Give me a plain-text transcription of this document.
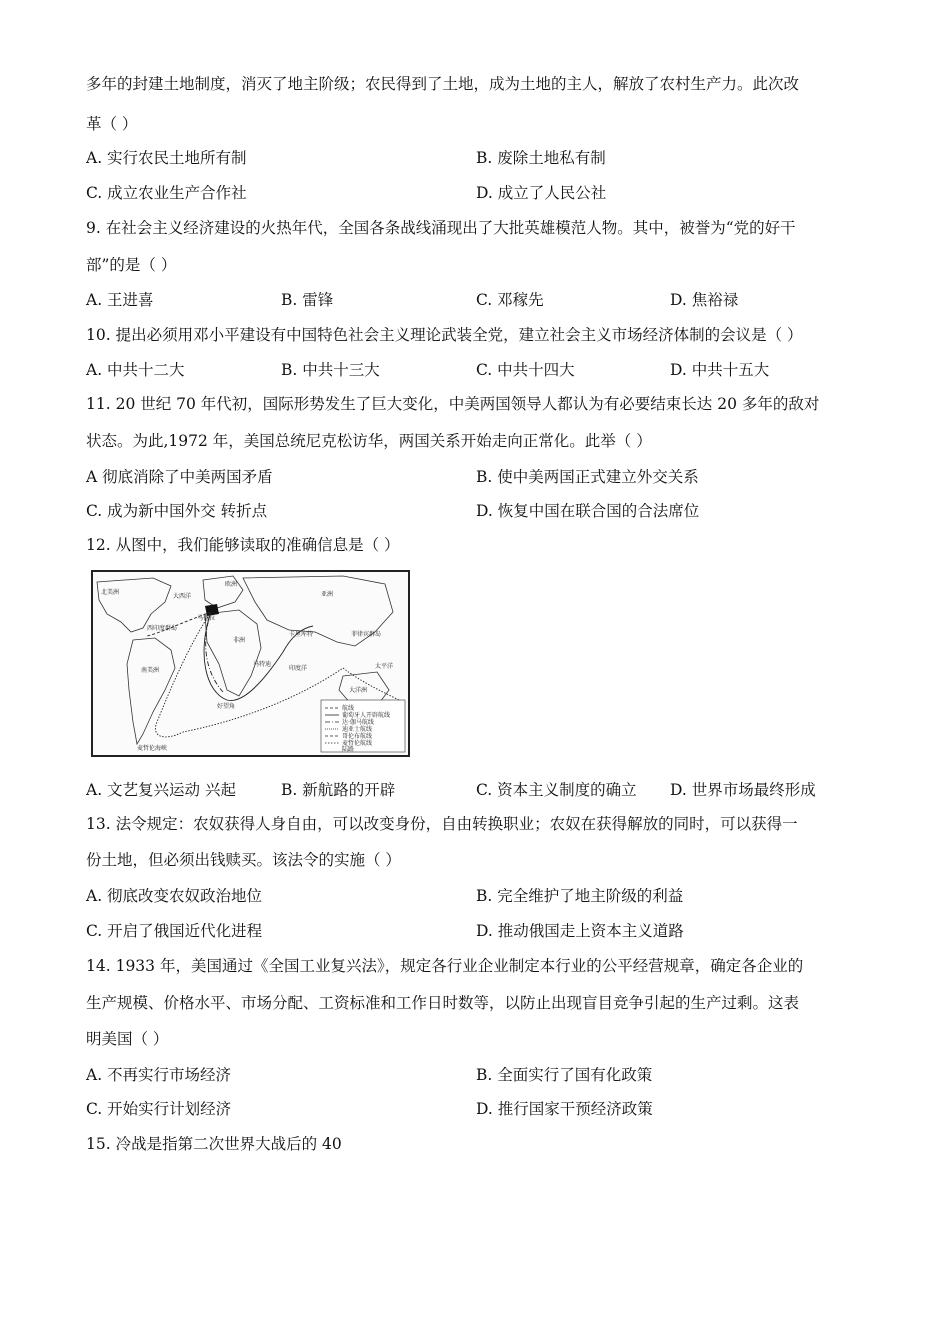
多年的封建土地制度，消灭了地主阶级；农民得到了土地，成为土地的主人，解放了农村生产力。此次改
革（ ）
A. 实行农民土地所有制	B. 废除土地私有制
C. 成立农业生产合作社	D. 成立了人民公社
9. 在社会主义经济建设的火热年代，全国各条战线涌现出了大批英雄模范人物。其中，被誉为“党的好干
部”的是（ ）
A. 王进喜	B. 雷锋	C. 邓稼先	D. 焦裕禄
10. 提出必须用邓小平建设有中国特色社会主义理论武装全党，建立社会主义市场经济体制的会议是（ ）
A. 中共十二大	B. 中共十三大	C. 中共十四大	D. 中共十五大
11. 20 世纪 70 年代初，国际形势发生了巨大变化，中美两国领导人都认为有必要结束长达 20 多年的敌对
状态。为此,1972 年，美国总统尼克松访华，两国关系开始走向正常化。此举（ ）
A 彻底消除了中美两国矛盾	B. 使中美两国正式建立外交关系
C. 成为新中国外交 转折点	D. 恢复中国在联合国的合法席位
12. 从图中，我们能够读取的准确信息是（ ）
北美洲
大西洋
欧洲
亚洲
非洲
南美洲	印度洋
大洋洲
太平洋
西印度群岛
马德拉
卡里库特
马特迪
好望角
麦哲伦海峡
菲律宾群岛
航线
葡萄牙人开辟航线
达·伽马航线
迪亚士航线
哥伦布航线
麦哲伦航线
陆路
A. 文艺复兴运动 兴起	B. 新航路的开辟	C. 资本主义制度的确立 D. 世界市场最终形成
13. 法令规定：农奴获得人身自由，可以改变身份，自由转换职业；农奴在获得解放的同时，可以获得一
份土地，但必须出钱赎买。该法令的实施（ ）
A. 彻底改变农奴政治地位	B. 完全维护了地主阶级的利益
C. 开启了俄国近代化进程	D. 推动俄国走上资本主义道路
14. 1933 年，美国通过《全国工业复兴法》，规定各行业企业制定本行业的公平经营规章，确定各企业的
生产规模、价格水平、市场分配、工资标准和工作日时数等，以防止出现盲目竞争引起的生产过剩。这表
明美国（ ）
A. 不再实行市场经济	B. 全面实行了国有化政策
C. 开始实行计划经济	D. 推行国家干预经济政策
15. 冷战是指第二次世界大战后的 40
